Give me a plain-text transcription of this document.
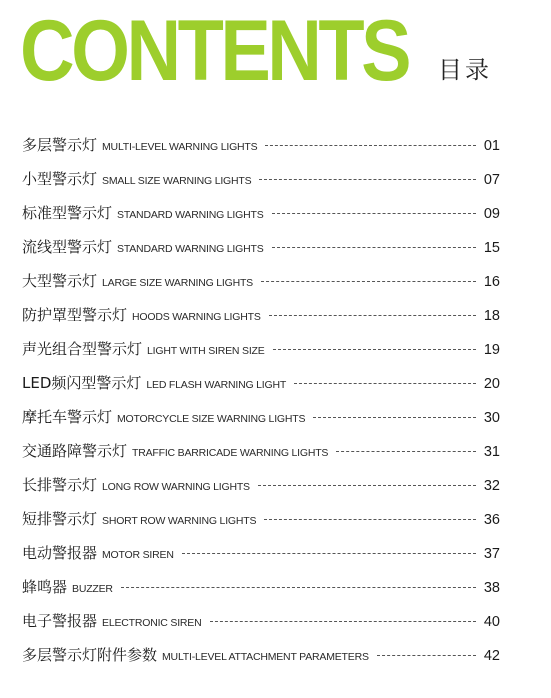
CONTENTS 目录
多层警示灯 MULTI-LEVEL WARNING LIGHTS	01
小型警示灯 SMALL SIZE WARNING LIGHTS	07
标准型警示灯 STANDARD WARNING LIGHTS	09
流线型警示灯 STANDARD WARNING LIGHTS	15
大型警示灯 LARGE SIZE WARNING LIGHTS	16
防护罩型警示灯 HOODS WARNING LIGHTS	18
声光组合型警示灯 LIGHT WITH SIREN SIZE	19
LED频闪型警示灯 LED FLASH WARNING LIGHT	20
摩托车警示灯 MOTORCYCLE SIZE WARNING LIGHTS	30
交通路障警示灯 TRAFFIC BARRICADE WARNING LIGHTS	31
长排警示灯 LONG ROW WARNING LIGHTS	32
短排警示灯 SHORT ROW WARNING LIGHTS	36
电动警报器 MOTOR SIREN	37
蜂鸣器 BUZZER	38
电子警报器 ELECTRONIC SIREN	40
多层警示灯附件参数 MULTI-LEVEL ATTACHMENT PARAMETERS	42
